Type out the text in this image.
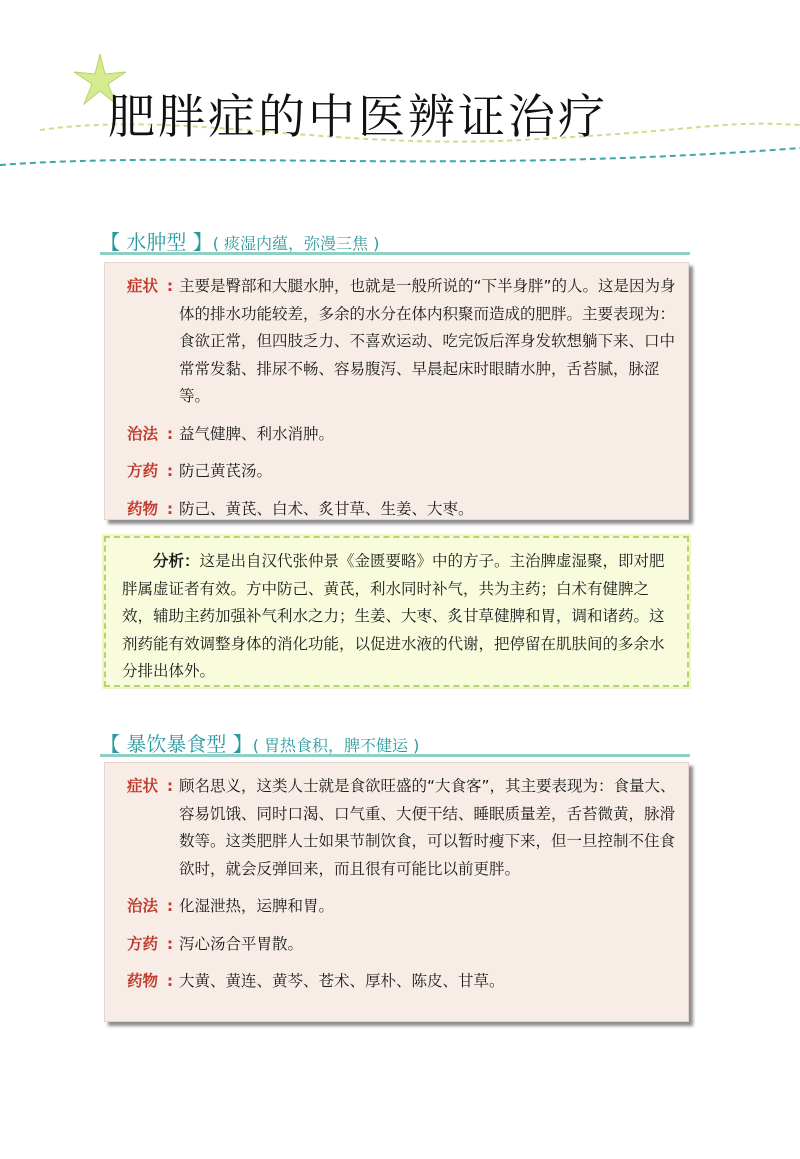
肥胖症的中医辨证治疗
【 水肿型 】( 痰湿内蕴，弥漫三焦 )
症状 : 主要是臀部和大腿水肿，也就是一般所说的“下半身胖”的人。这是因为身体的排水功能较差，多余的水分在体内积聚而造成的肥胖。主要表现为：食欲正常，但四肢乏力、不喜欢运动、吃完饭后浑身发软想躺下来、口中常常发黏、排尿不畅、容易腹泻、早晨起床时眼睛水肿，舌苔腻，脉涩等。
治法 : 益气健脾、利水消肿。
方药 : 防己黄芪汤。
药物 : 防己、黄芪、白术、炙甘草、生姜、大枣。
分析：这是出自汉代张仲景《金匮要略》中的方子。主治脾虚湿聚，即对肥胖属虚证者有效。方中防己、黄芪，利水同时补气，共为主药；白术有健脾之效，辅助主药加强补气利水之力；生姜、大枣、炙甘草健脾和胃，调和诸药。这剂药能有效调整身体的消化功能，以促进水液的代谢，把停留在肌肤间的多余水分排出体外。
【 暴饮暴食型 】( 胃热食积，脾不健运 )
症状 : 顾名思义，这类人士就是食欲旺盛的“大食客”，其主要表现为：食量大、容易饥饿、同时口渴、口气重、大便干结、睡眠质量差，舌苔微黄，脉滑数等。这类肥胖人士如果节制饮食，可以暂时瘦下来，但一旦控制不住食欲时，就会反弹回来，而且很有可能比以前更胖。
治法 : 化湿泄热，运脾和胃。
方药 : 泻心汤合平胃散。
药物 : 大黄、黄连、黄芩、苍术、厚朴、陈皮、甘草。
